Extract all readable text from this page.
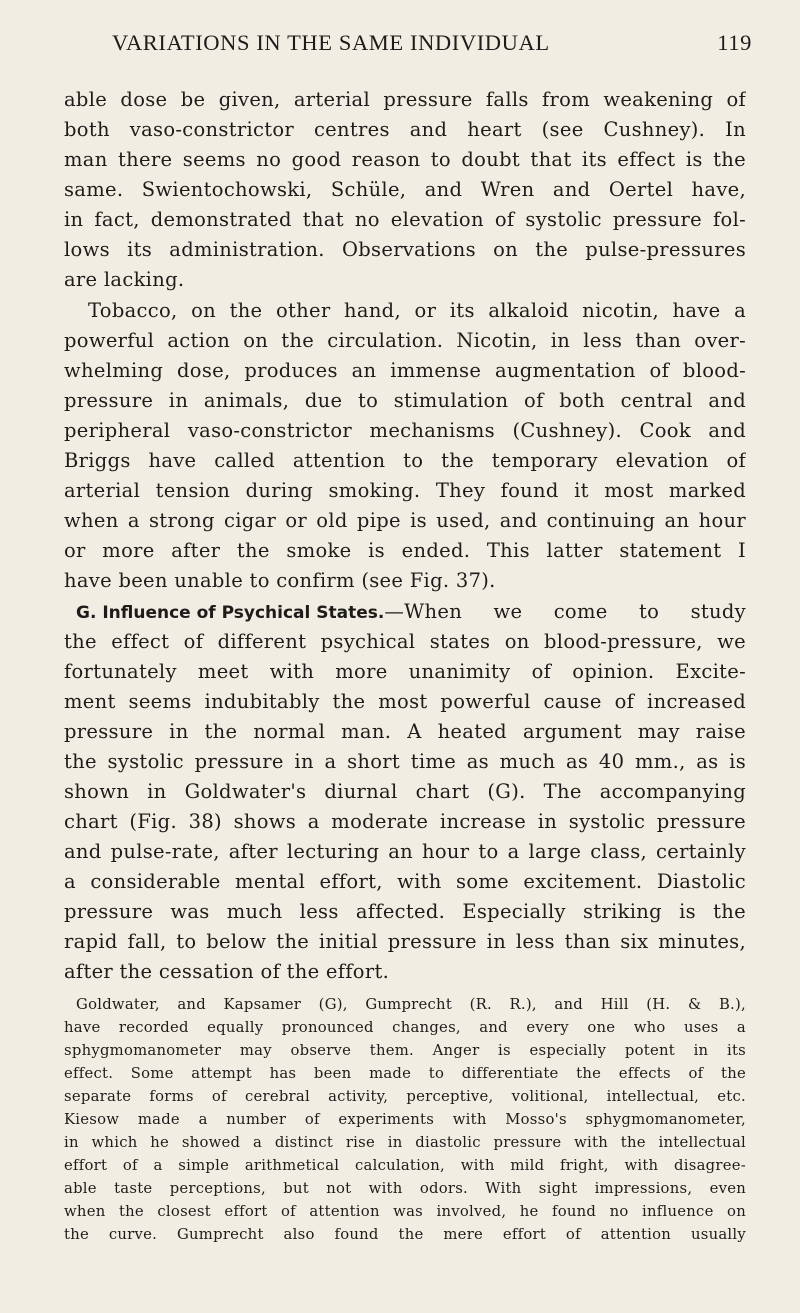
VARIATIONS IN THE SAME INDIVIDUAL	119
able dose be given, arterial pressure falls from weakening of
both vaso-constrictor centres and heart (see Cushney). In
man there seems no good reason to doubt that its effect is the
same. Swientochowski, Schüle, and Wren and Oertel have,
in fact, demonstrated that no elevation of systolic pressure fol-
lows its administration. Observations on the pulse-pressures
are lacking.
Tobacco, on the other hand, or its alkaloid nicotin, have a
powerful action on the circulation. Nicotin, in less than over-
whelming dose, produces an immense augmentation of blood-
pressure in animals, due to stimulation of both central and
peripheral vaso-constrictor mechanisms (Cushney). Cook and
Briggs have called attention to the temporary elevation of
arterial tension during smoking. They found it most marked
when a strong cigar or old pipe is used, and continuing an hour
or more after the smoke is ended. This latter statement I
have been unable to confirm (see Fig. 37).
G. Influence of Psychical States. —When we come to study
the effect of different psychical states on blood-pressure, we
fortunately meet with more unanimity of opinion. Excite-
ment seems indubitably the most powerful cause of increased
pressure in the normal man. A heated argument may raise
the systolic pressure in a short time as much as 40 mm., as is
shown in Goldwater's diurnal chart (G). The accompanying
chart (Fig. 38) shows a moderate increase in systolic pressure
and pulse-rate, after lecturing an hour to a large class, certainly
a considerable mental effort, with some excitement. Diastolic
pressure was much less affected. Especially striking is the
rapid fall, to below the initial pressure in less than six minutes,
after the cessation of the effort.
Goldwater, and Kapsamer (G), Gumprecht (R. R.), and Hill (H. & B.),
have recorded equally pronounced changes, and every one who uses a
sphygmomanometer may observe them. Anger is especially potent in its
effect. Some attempt has been made to differentiate the effects of the
separate forms of cerebral activity, perceptive, volitional, intellectual, etc.
Kiesow made a number of experiments with Mosso's sphygmomanometer,
in which he showed a distinct rise in diastolic pressure with the intellectual
effort of a simple arithmetical calculation, with mild fright, with disagree-
able taste perceptions, but not with odors. With sight impressions, even
when the closest effort of attention was involved, he found no influence on
the curve. Gumprecht also found the mere effort of attention usually
